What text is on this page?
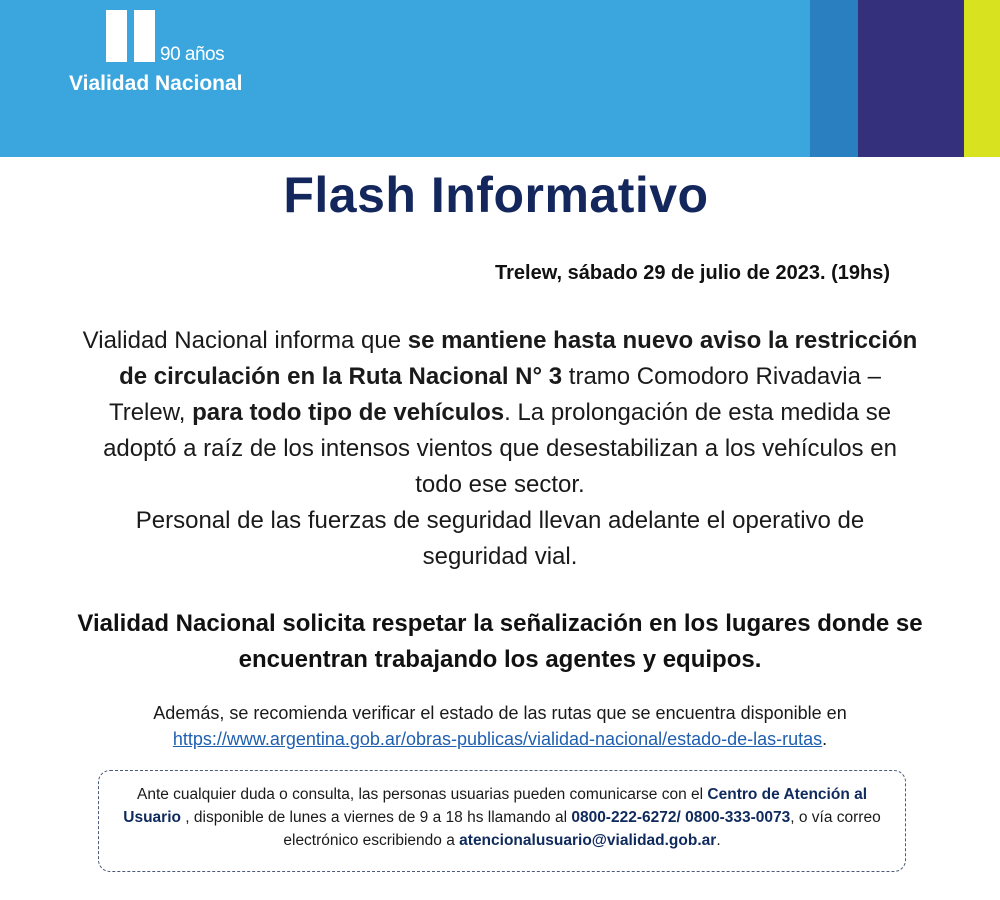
90 años
Vialidad Nacional
Flash Informativo
Trelew, sábado 29 de julio de 2023. (19hs)
Vialidad Nacional informa que se mantiene hasta nuevo aviso la restricción de circulación en la Ruta Nacional N° 3 tramo Comodoro Rivadavia – Trelew, para todo tipo de vehículos. La prolongación de esta medida se adoptó a raíz de los intensos vientos que desestabilizan a los vehículos en todo ese sector.
Personal de las fuerzas de seguridad llevan adelante el operativo de seguridad vial.
Vialidad Nacional solicita respetar la señalización en los lugares donde se encuentran trabajando los agentes y equipos.
Además, se recomienda verificar el estado de las rutas que se encuentra disponible en
https://www.argentina.gob.ar/obras-publicas/vialidad-nacional/estado-de-las-rutas.
Ante cualquier duda o consulta, las personas usuarias pueden comunicarse con el Centro de Atención al Usuario , disponible de lunes a viernes de 9 a 18 hs llamando al 0800-222-6272/ 0800-333-0073, o vía correo electrónico escribiendo a atencionalusuario@vialidad.gob.ar.
